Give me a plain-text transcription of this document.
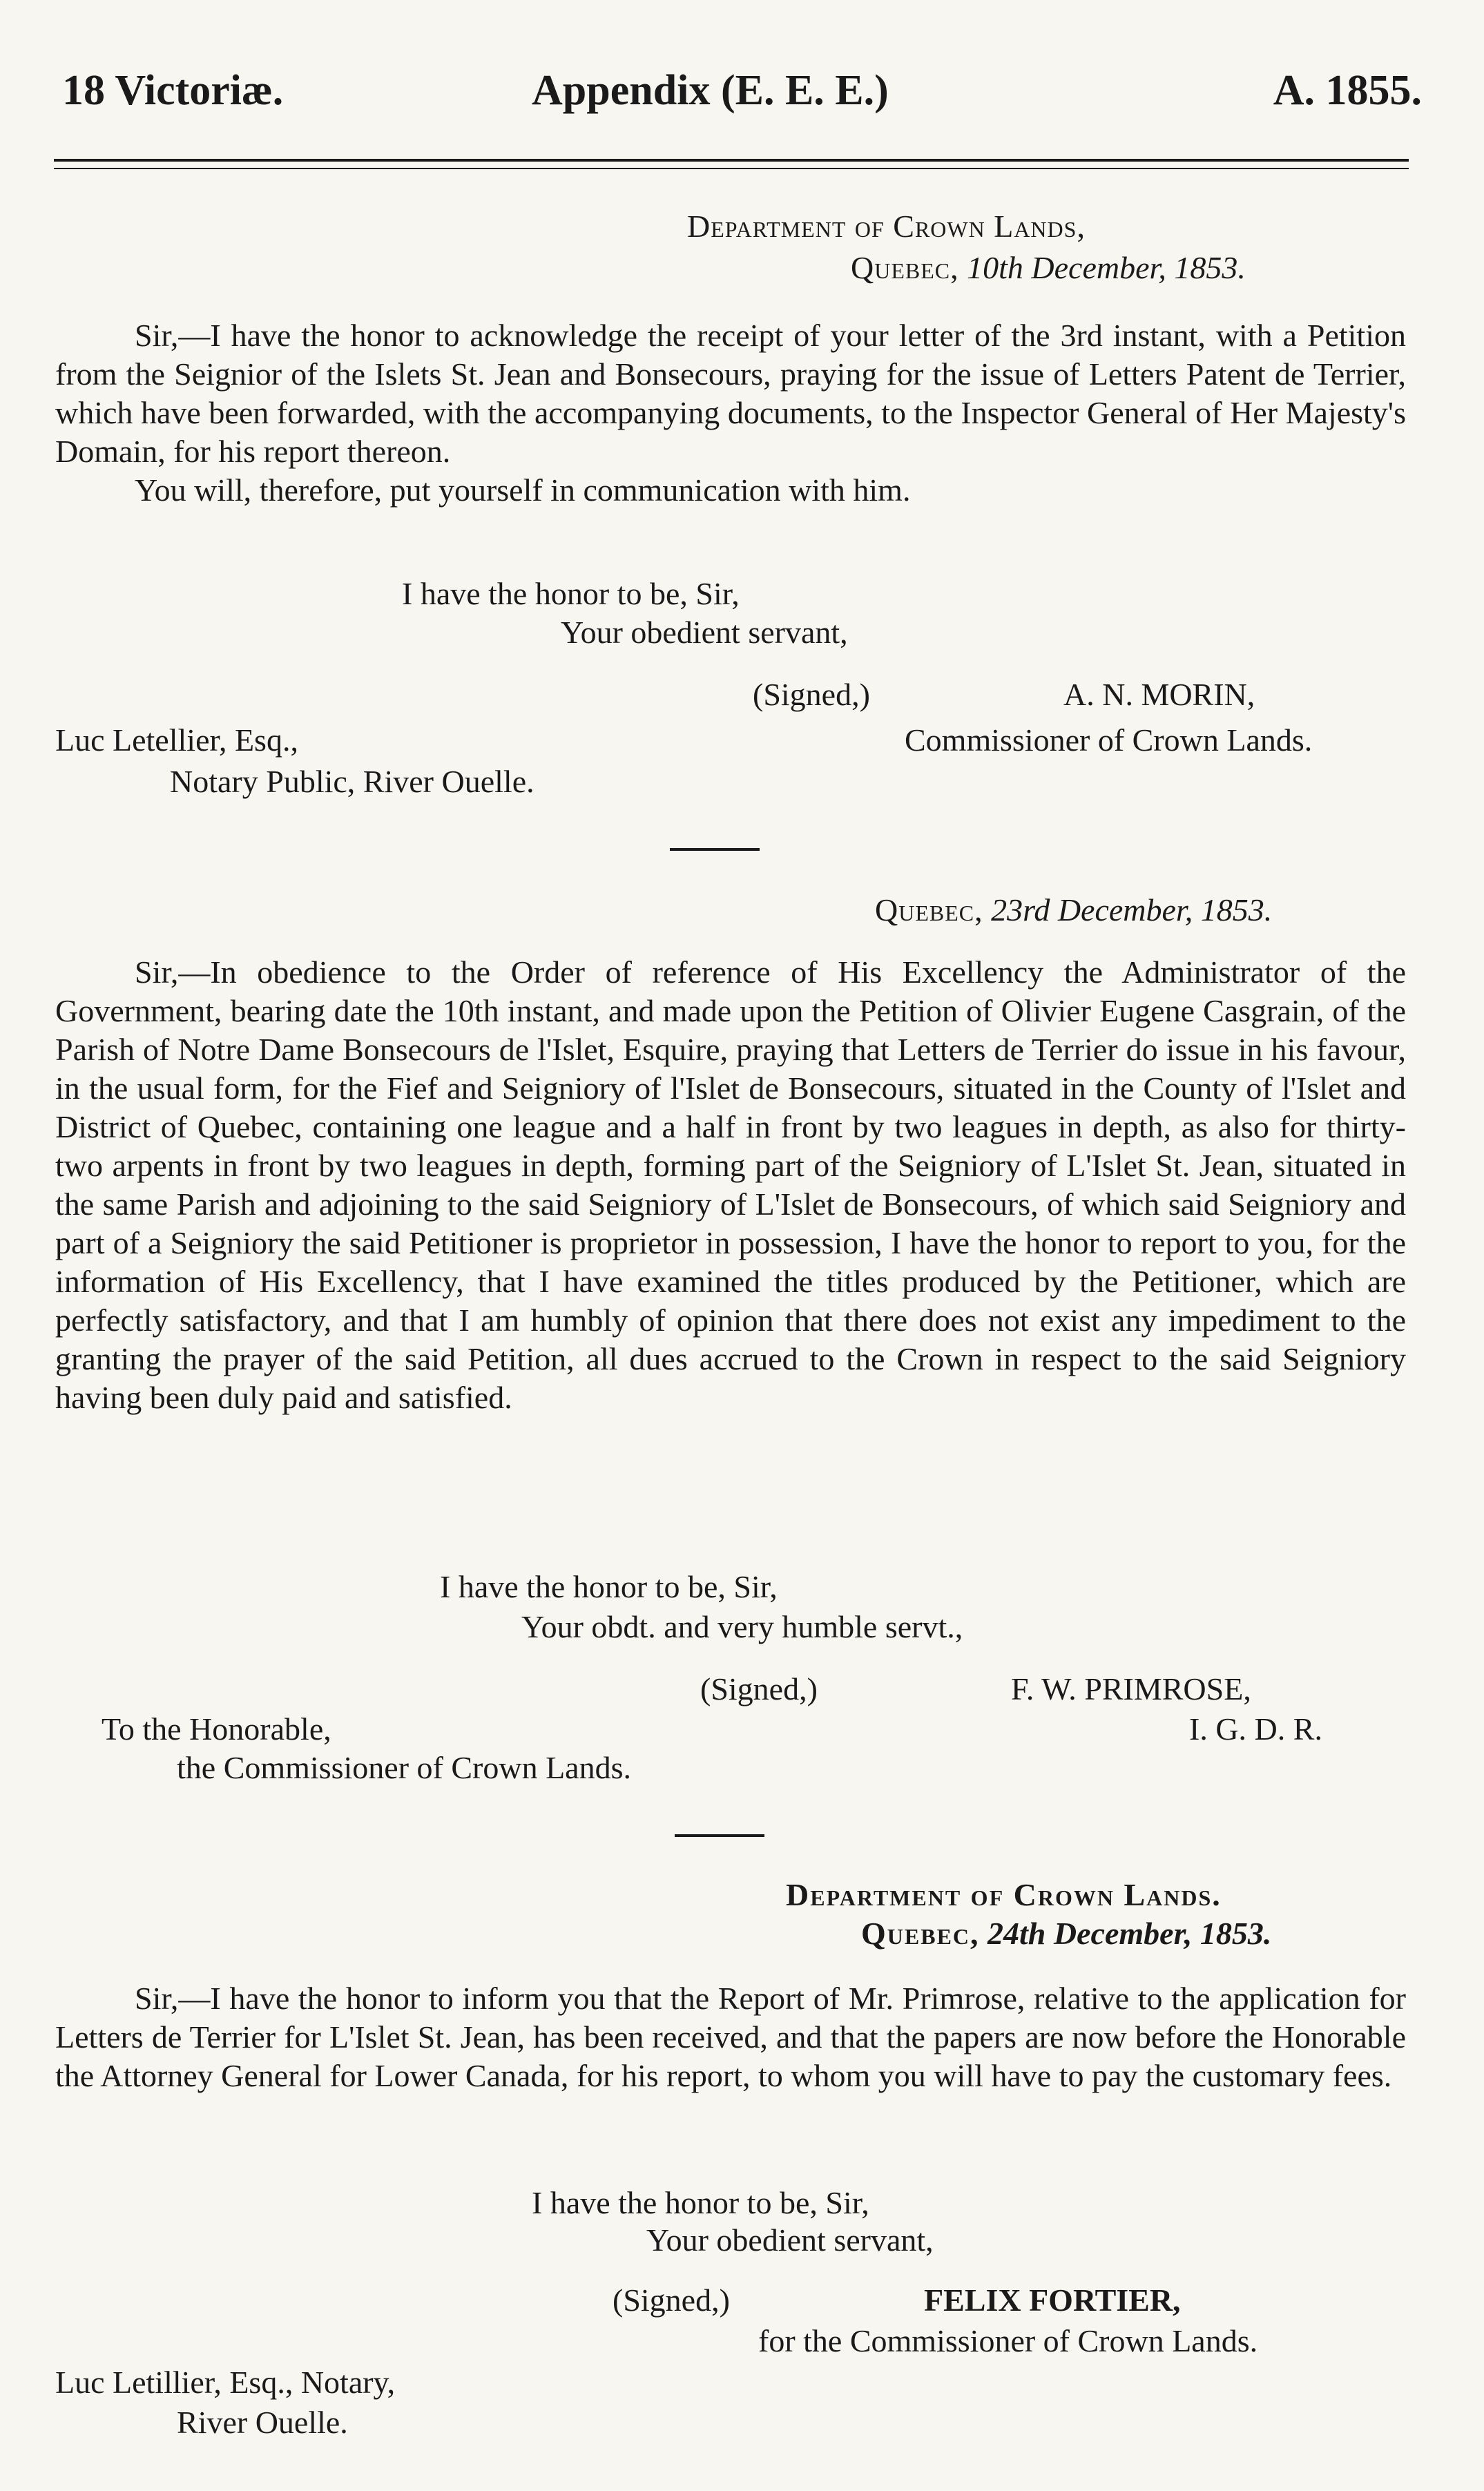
18 Victoriæ.	Appendix (E. E. E.)	A. 1855.
Department of Crown Lands,
Quebec, 10th December, 1853.

Sir,—I have the honor to acknowledge the receipt of your letter of the 3rd instant, with a Petition from the Seignior of the Islets St. Jean and Bonsecours, praying for the issue of Letters Patent de Terrier, which have been forwarded, with the accompanying documents, to the Inspector General of Her Majesty's Domain, for his report thereon.

You will, therefore, put yourself in communication with him.

I have the honor to be, Sir,
Your obedient servant,
(Signed,)	A. N. MORIN,
Luc Letellier, Esq.,	Commissioner of Crown Lands.
Notary Public, River Ouelle.
Quebec, 23rd December, 1853.

Sir,—In obedience to the Order of reference of His Excellency the Administrator of the Government, bearing date the 10th instant, and made upon the Petition of Olivier Eugene Casgrain, of the Parish of Notre Dame Bonsecours de l'Islet, Esquire, praying that Letters de Terrier do issue in his favour, in the usual form, for the Fief and Seigniory of l'Islet de Bonsecours, situated in the County of l'Islet and District of Quebec, containing one league and a half in front by two leagues in depth, as also for thirty-two arpents in front by two leagues in depth, forming part of the Seigniory of L'Islet St. Jean, situated in the same Parish and adjoining to the said Seigniory of L'Islet de Bonsecours, of which said Seigniory and part of a Seigniory the said Petitioner is proprietor in possession, I have the honor to report to you, for the information of His Excellency, that I have examined the titles produced by the Petitioner, which are perfectly satisfactory, and that I am humbly of opinion that there does not exist any impediment to the granting the prayer of the said Petition, all dues accrued to the Crown in respect to the said Seigniory having been duly paid and satisfied.

I have the honor to be, Sir,
Your obdt. and very humble servt.,
(Signed,)	F. W. PRIMROSE,
To the Honorable,	I. G. D. R.
the Commissioner of Crown Lands.
Department of Crown Lands.
Quebec, 24th December, 1853.

Sir,—I have the honor to inform you that the Report of Mr. Primrose, relative to the application for Letters de Terrier for L'Islet St. Jean, has been received, and that the papers are now before the Honorable the Attorney General for Lower Canada, for his report, to whom you will have to pay the customary fees.

I have the honor to be, Sir,
Your obedient servant,
(Signed,)	FELIX FORTIER,
for the Commissioner of Crown Lands.
Luc Letillier, Esq., Notary,
River Ouelle.
